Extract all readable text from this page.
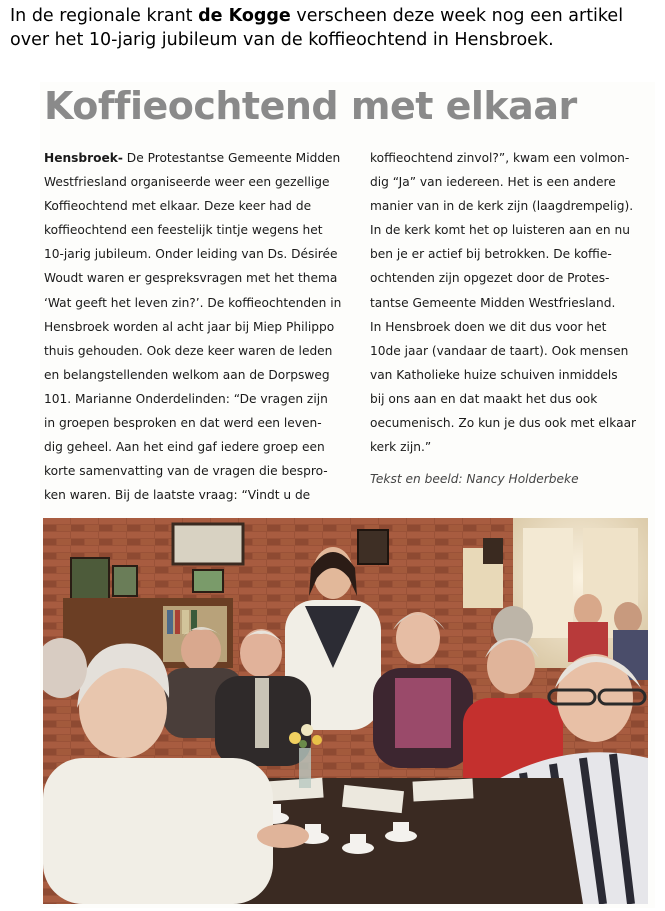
In de regionale krant de Kogge verscheen deze week nog een artikel over het 10-jarig jubileum van de koffieochtend in Hensbroek.
Koffieochtend met elkaar
Hensbroek- De Protestantse Gemeente Midden
Westfriesland organiseerde weer een gezellige
Koffieochtend met elkaar. Deze keer had de
koffieochtend een feestelijk tintje wegens het
10-jarig jubileum. Onder leiding van Ds. Désirée
Woudt waren er gespreksvragen met het thema
‘Wat geeft het leven zin?’. De koffieochtenden in
Hensbroek worden al acht jaar bij Miep Philippo
thuis gehouden. Ook deze keer waren de leden
en belangstellenden welkom aan de Dorpsweg
101. Marianne Onderdelinden: “De vragen zijn
in groepen besproken en dat werd een leven-
dig geheel. Aan het eind gaf iedere groep een
korte samenvatting van de vragen die bespro-
ken waren. Bij de laatste vraag: “Vindt u de
koffieochtend zinvol?”, kwam een volmon-
dig “Ja” van iedereen. Het is een andere
manier van in de kerk zijn (laagdrempelig).
In de kerk komt het op luisteren aan en nu
ben je er actief bij betrokken. De koffie-
ochtenden zijn opgezet door de Protes-
tantse Gemeente Midden Westfriesland.
In Hensbroek doen we dit dus voor het
10de jaar (vandaar de taart). Ook mensen
van Katholieke huize schuiven inmiddels
bij ons aan en dat maakt het dus ook
oecumenisch. Zo kun je dus ook met elkaar
kerk zijn.”
Tekst en beeld: Nancy Holderbeke
